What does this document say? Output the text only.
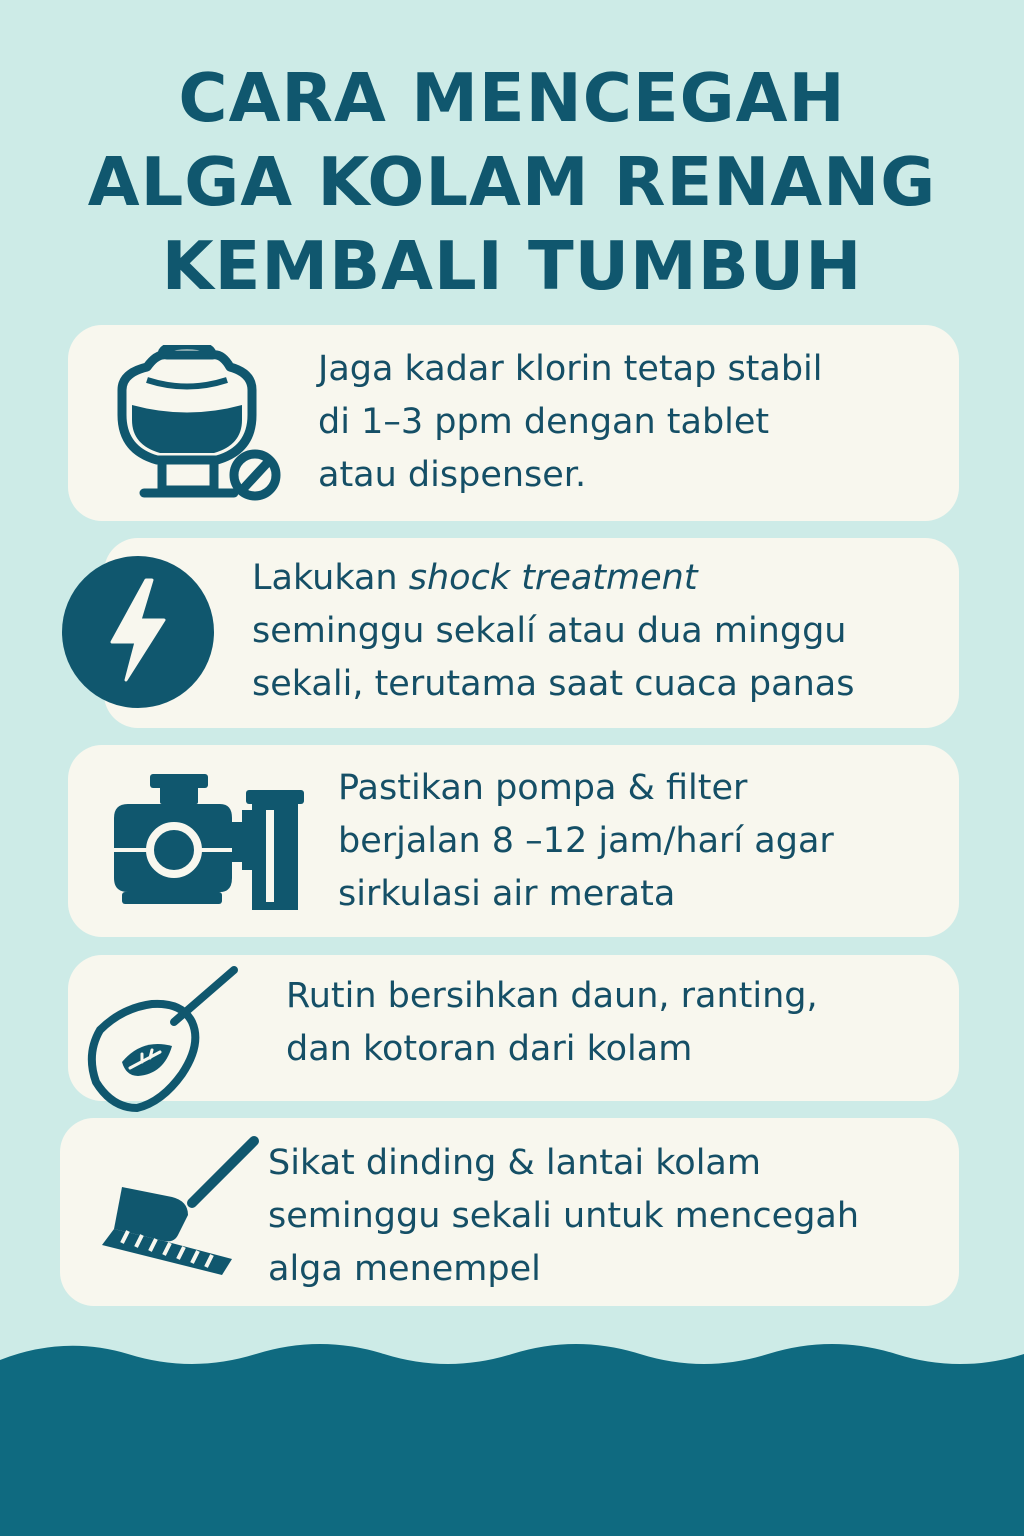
CARA MENCEGAH
ALGA KOLAM RENANG
KEMBALI TUMBUH
Jaga kadar klorin tetap stabil
di 1–3 ppm dengan tablet
atau dispenser.
Lakukan shock treatment
seminggu sekalí atau dua minggu
sekali, terutama saat cuaca panas
Pastikan pompa & filter
berjalan 8 –12 jam/harí agar
sirkulasi air merata
Rutin bersihkan daun, ranting,
dan kotoran dari kolam
Sikat dinding & lantai kolam
seminggu sekali untuk mencegah
alga menempel
